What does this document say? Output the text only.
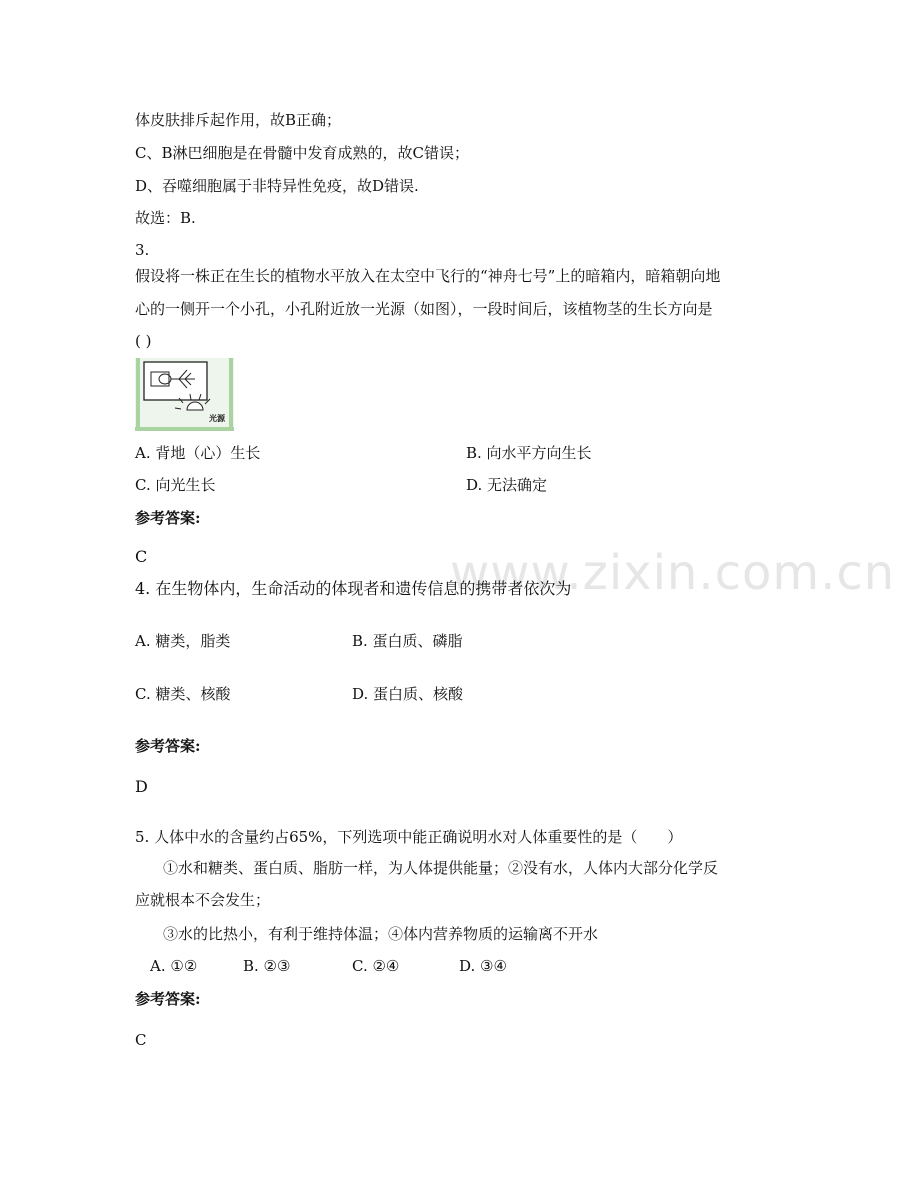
www.zixin.com.cn
体皮肤排斥起作用，故B正确；
C、B淋巴细胞是在骨髓中发育成熟的，故C错误；
D、吞噬细胞属于非特异性免疫，故D错误.
故选：B.
3.
假设将一株正在生长的植物水平放入在太空中飞行的“神舟七号”上的暗箱内，暗箱朝向地
心的一侧开一个小孔，小孔附近放一光源（如图），一段时间后，该植物茎的生长方向是
( )
光源
A. 背地（心）生长	B. 向水平方向生长
C. 向光生长	D. 无法确定
参考答案:
C
4. 在生物体内，生命活动的体现者和遗传信息的携带者依次为
A. 糖类，脂类	B. 蛋白质、磷脂
C. 糖类、核酸	D. 蛋白质、核酸
参考答案:
D
5. 人体中水的含量约占65%，下列选项中能正确说明水对人体重要性的是（　　）
①水和糖类、蛋白质、脂肪一样，为人体提供能量；②没有水，人体内大部分化学反
应就根本不会发生；
③水的比热小，有利于维持体温；④体内营养物质的运输离不开水
A. ①②	B. ②③	C. ②④	D. ③④
参考答案:
C
